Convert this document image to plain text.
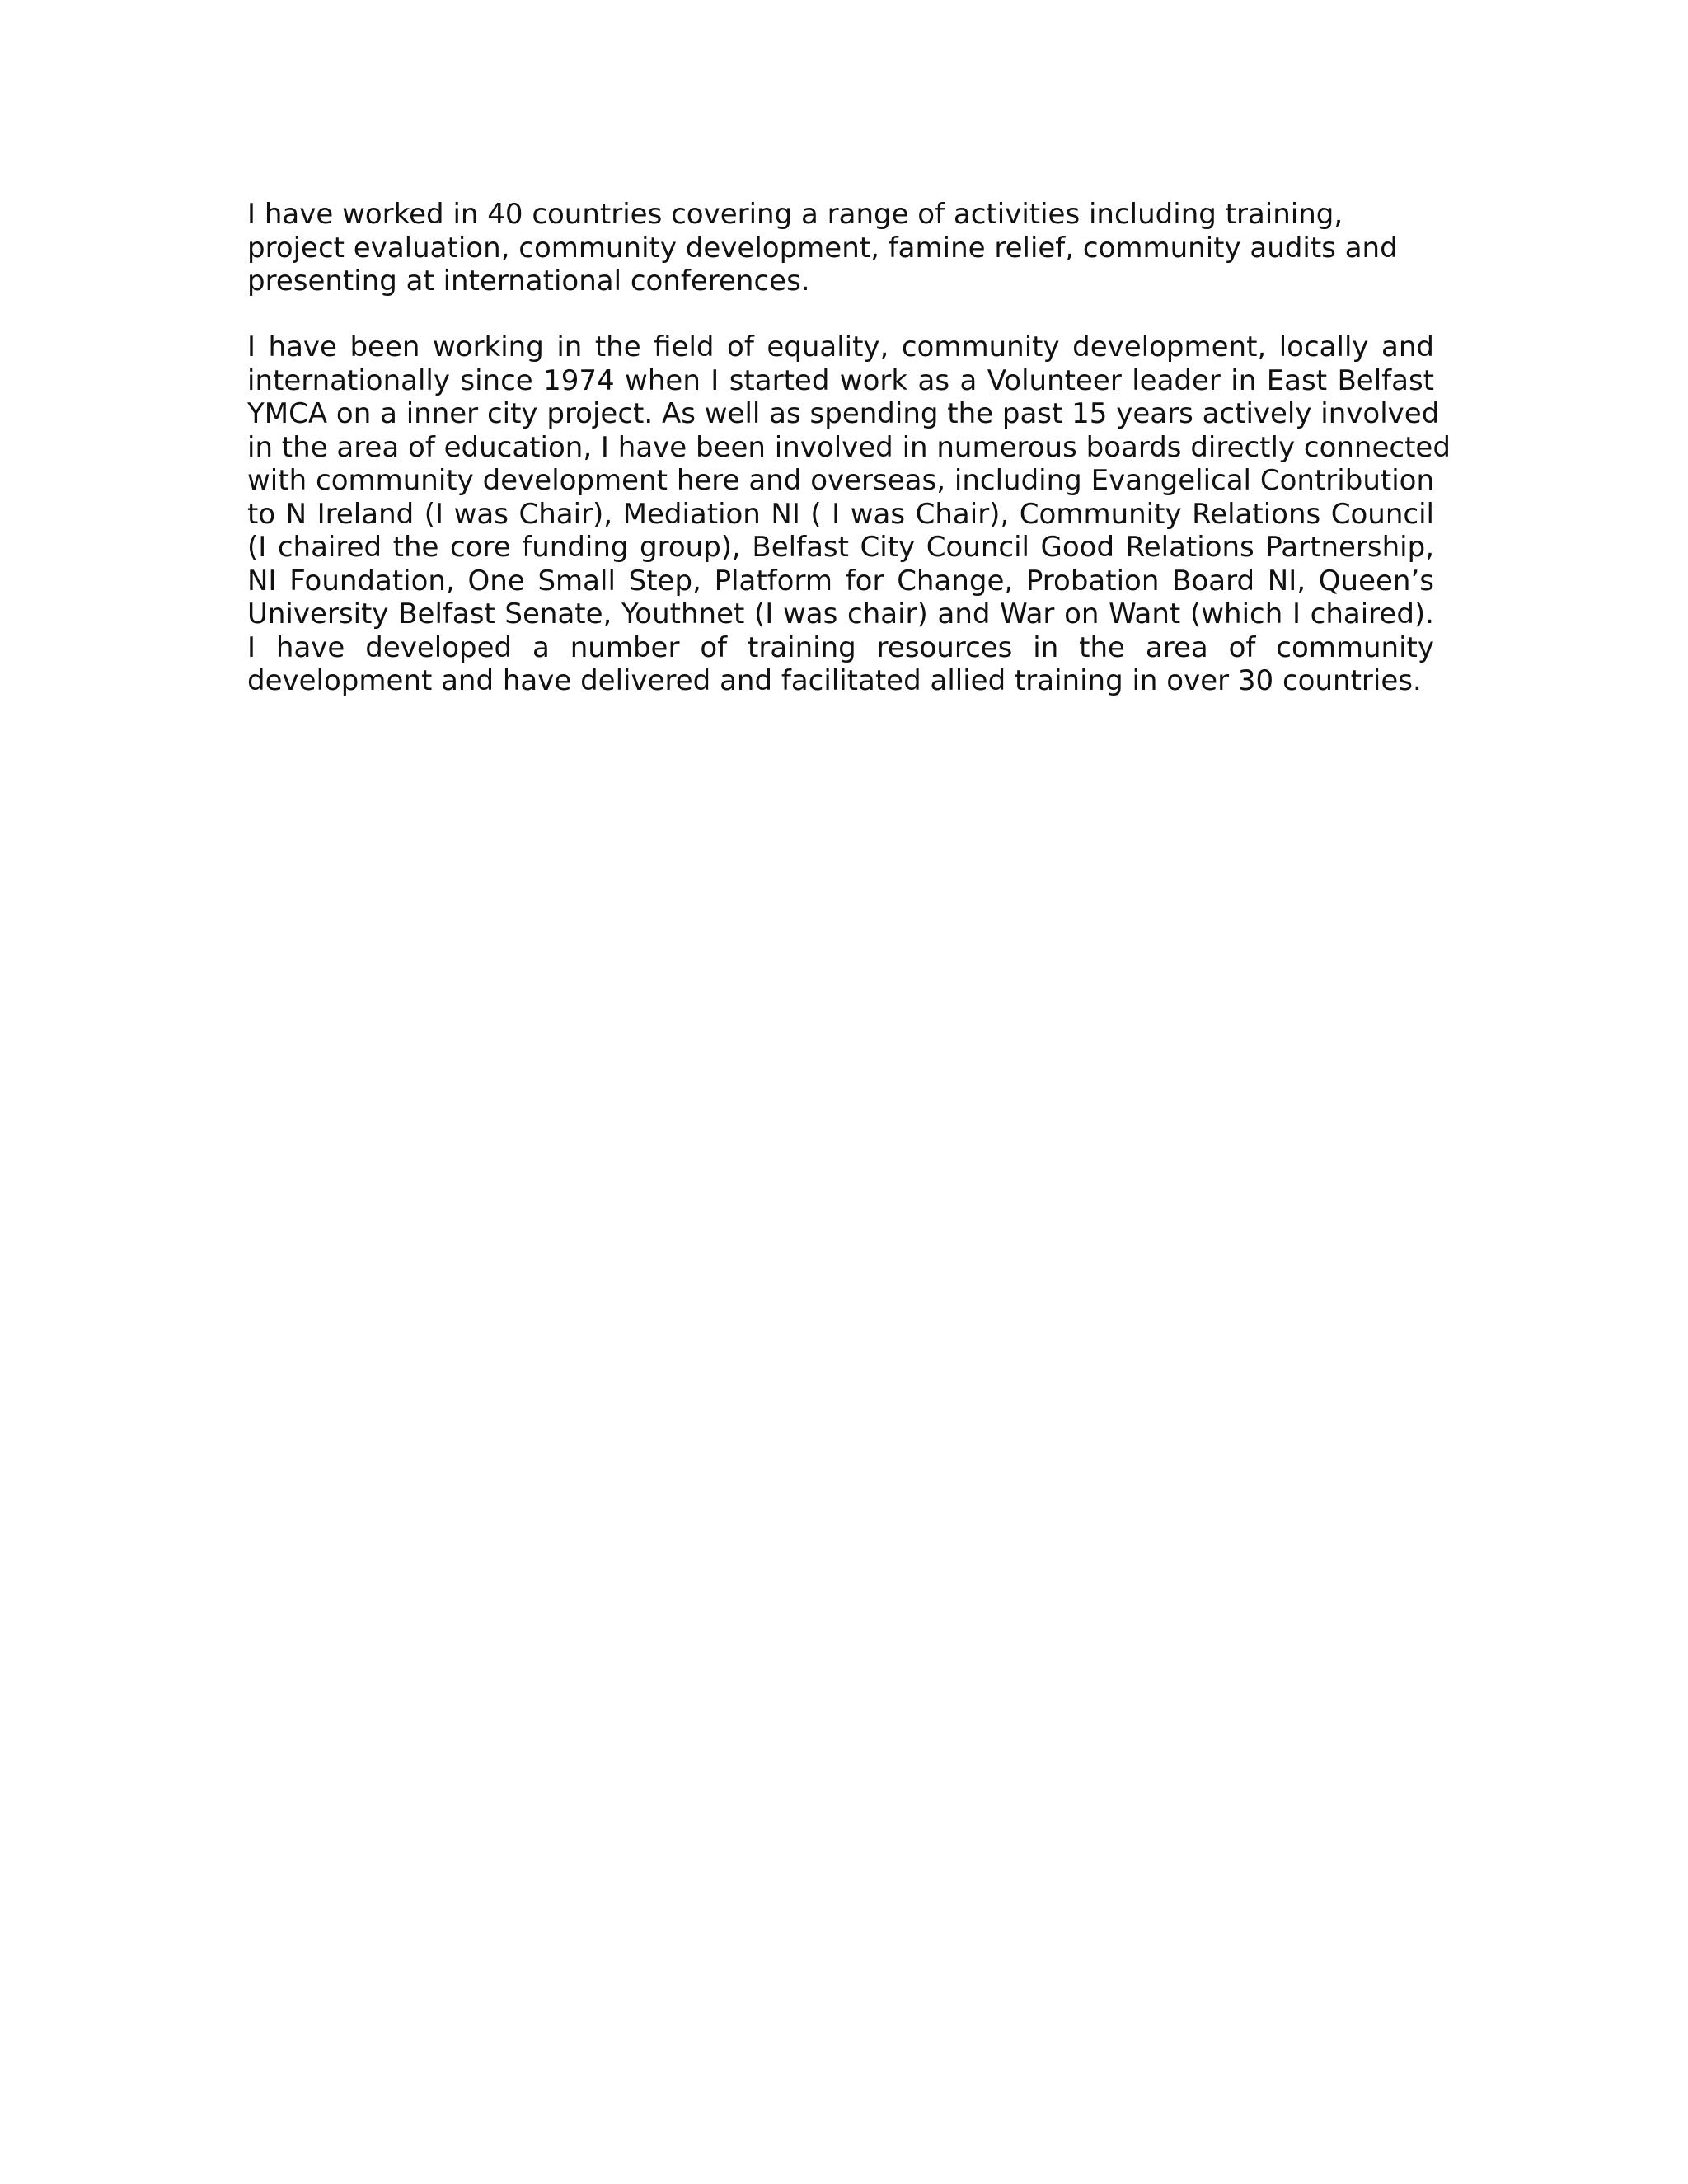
I have worked in 40 countries covering a range of activities including training,
project evaluation, community development, famine relief, community audits and
presenting at international conferences.
I have been working in the field of equality, community development, locally and
internationally since 1974 when I started work as a Volunteer leader in East Belfast
YMCA on a inner city project. As well as spending the past 15 years actively involved
in the area of education, I have been involved in numerous boards directly connected
with community development here and overseas, including Evangelical Contribution
to N Ireland (I was Chair), Mediation NI ( I was Chair), Community Relations Council
(I chaired the core funding group), Belfast City Council Good Relations Partnership,
NI Foundation, One Small Step, Platform for Change, Probation Board NI, Queen’s
University Belfast Senate, Youthnet (I was chair) and War on Want (which I chaired).
I have developed a number of training resources in the area of community
development and have delivered and facilitated allied training in over 30 countries.
